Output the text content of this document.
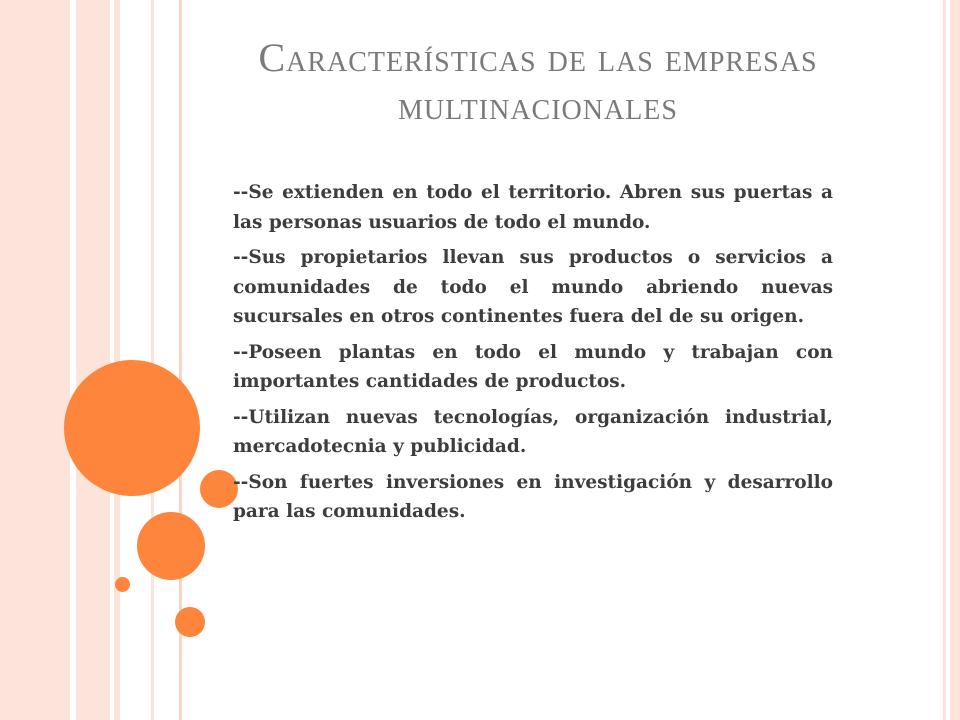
Características de las empresas multinacionales

--Se extienden en todo el territorio. Abren sus puertas a las personas usuarios de todo el mundo.

--Sus propietarios llevan sus productos o servicios a comunidades de todo el mundo abriendo nuevas sucursales en otros continentes fuera del de su origen.

--Poseen plantas en todo el mundo y trabajan con importantes cantidades de productos.

--Utilizan nuevas tecnologías, organización industrial, mercadotecnia y publicidad.

--Son fuertes inversiones en investigación y desarrollo para las comunidades.
